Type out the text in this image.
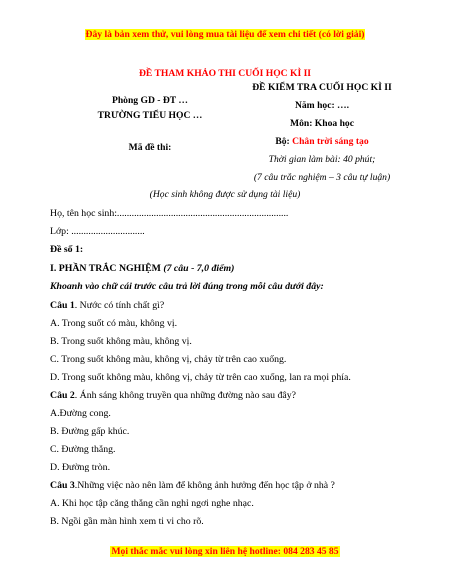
Đây là bản xem thử, vui lòng mua tài liệu để xem chi tiết (có lời giải)
ĐỀ THAM KHẢO THI CUỐI HỌC KÌ II
Phòng GD - ĐT …
TRƯỜNG TIỂU HỌC …
Mã đề thi:
ĐỀ KIỂM TRA CUỐI HỌC KÌ II
Năm học: ….
Môn: Khoa học
Bộ: Chân trời sáng tạo
Thời gian làm bài: 40 phút;
(7 câu trắc nghiệm – 3 câu tự luận)
(Học sinh không được sử dụng tài liệu)
Họ, tên học sinh:......................................................................
Lớp: ..............................
Đề số 1:
I. PHẦN TRẮC NGHIỆM (7 câu - 7,0 điểm)
Khoanh vào chữ cái trước câu trả lời đúng trong mỗi câu dưới đây:
Câu 1. Nước có tính chất gì?
A. Trong suốt có màu, không vị.
B. Trong suốt không màu, không vị.
C. Trong suốt không màu, không vị, chảy từ trên cao xuống.
D. Trong suốt không màu, không vị, chảy từ trên cao xuống, lan ra mọi phía.
Câu 2. Ánh sáng không truyền qua những đường nào sau đây?
A.Đường cong.
B. Đường gấp khúc.
C. Đường thẳng.
D. Đường tròn.
Câu 3.Những việc nào nên làm để không ảnh hưởng đến học tập ở nhà ?
A. Khi học tập căng thẳng cần nghỉ ngơi nghe nhạc.
B. Ngồi gần màn hình xem ti vi cho rõ.
Mọi thắc mắc vui lòng xin liên hệ hotline: 084 283 45 85
